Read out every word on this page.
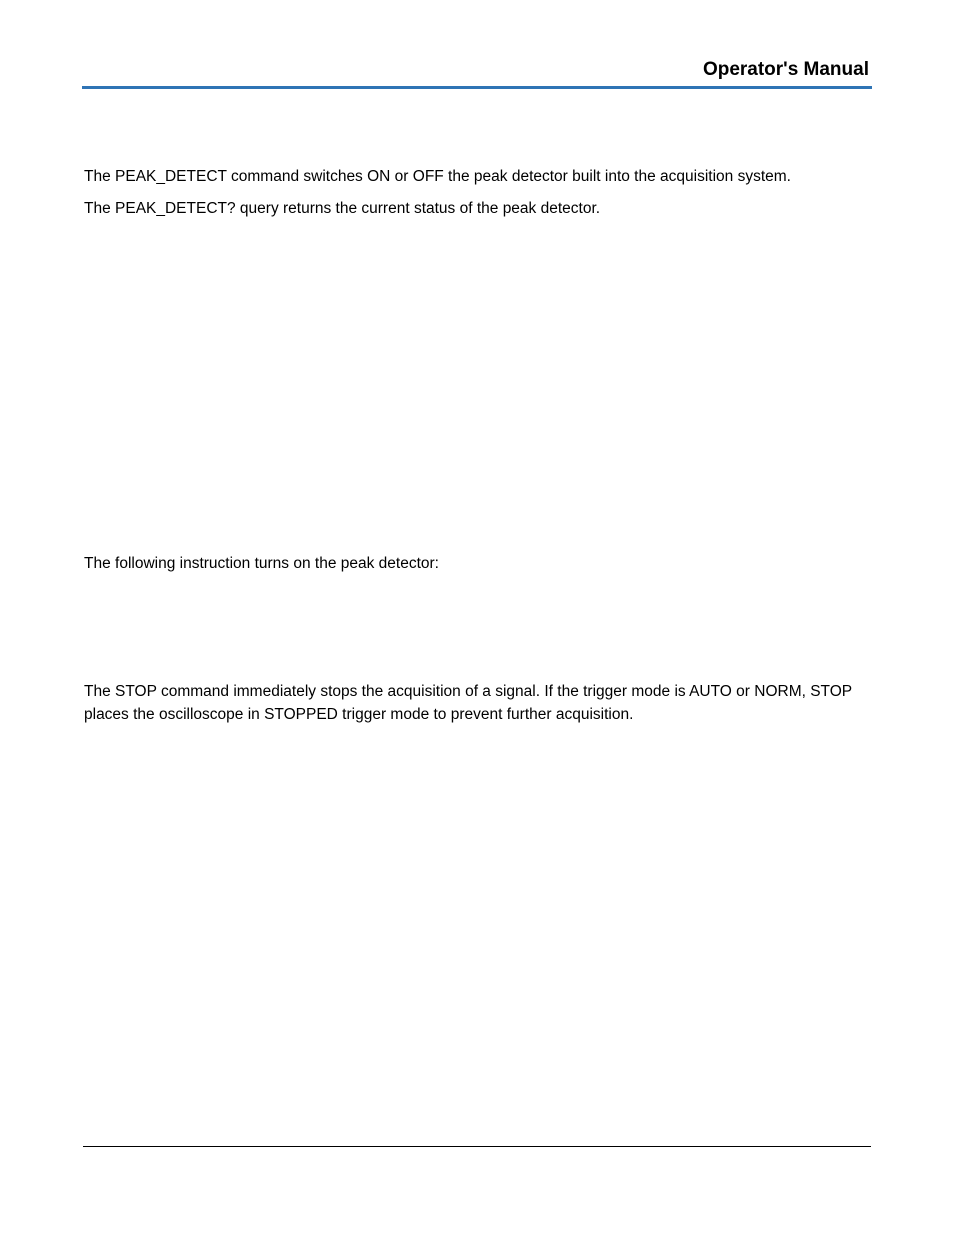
Operator's Manual

The PEAK_DETECT command switches ON or OFF the peak detector built into the acquisition system.

The PEAK_DETECT? query returns the current status of the peak detector.

The following instruction turns on the peak detector:

The STOP command immediately stops the acquisition of a signal. If the trigger mode is AUTO or NORM, STOP places the oscilloscope in STOPPED trigger mode to prevent further acquisition.
